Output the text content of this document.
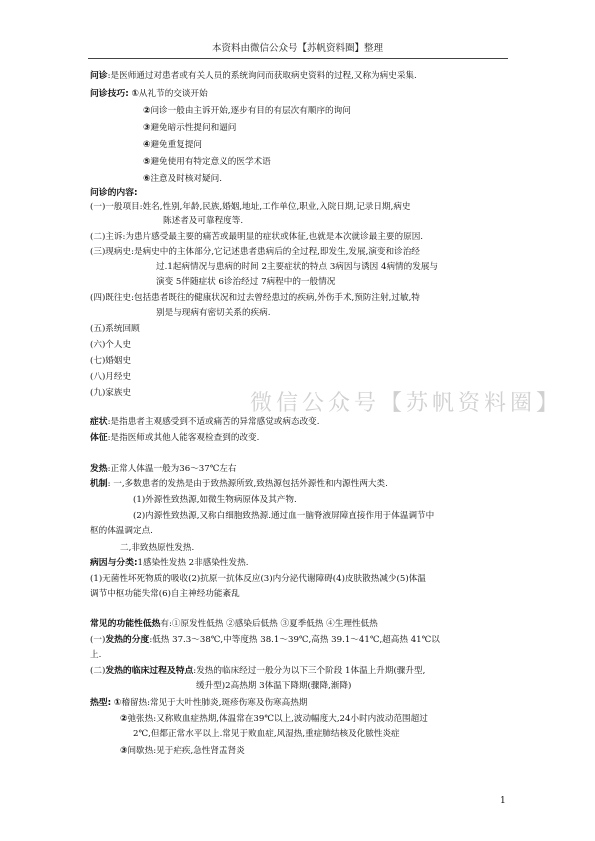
本资料由微信公众号【苏帆资料圈】整理
微信公众号【苏帆资料圈】
问诊:是医师通过对患者或有关人员的系统询问而获取病史资料的过程,又称为病史采集.
问诊技巧: ①从礼节的交谈开始
②问诊一般由主诉开始,逐步有目的有层次有顺序的询问
③避免暗示性提问和逼问
④避免重复提问
⑤避免使用有特定意义的医学术语
⑥注意及时核对疑问.
问诊的内容:
(一)一般项目:姓名,性别,年龄,民族,婚姻,地址,工作单位,职业,入院日期,记录日期,病史
陈述者及可靠程度等.
(二)主诉:为患片感受最主要的痛苦或最明显的症状或体征,也就是本次就诊最主要的原因.
(三)现病史:是病史中的主体部分,它记述患者患病后的全过程,即发生,发展,演变和诊治经
过.1起病情况与患病的时间 2主要症状的特点 3病因与诱因 4病情的发展与
演变 5伴随症状 6诊治经过 7病程中的一般情况
(四)既往史:包括患者既往的健康状况和过去曾经患过的疾病,外伤手术,预防注射,过敏,特
别是与现病有密切关系的疾病.
(五)系统回顾
(六)个人史
(七)婚姻史
(八)月经史
(九)家族史
症状:是指患者主观感受到不适或痛苦的异常感觉或病态改变.
体征:是指医师或其他人能客观检查到的改变.
发热:正常人体温一般为36～37℃左右
机制: 一,多数患者的发热是由于致热源所致,致热源包括外源性和内源性两大类.
(1)外源性致热源,如微生物病原体及其产物.
(2)内源性致热源,又称白细胞致热源.通过血一脑脊液屏障直接作用于体温调节中
枢的体温调定点.
二,非致热原性发热.
病因与分类:1感染性发热 2非感染性发热.
(1)无菌性坏死物质的吸收(2)抗原一抗体反应(3)内分泌代谢障碍(4)皮肤散热减少(5)体温
调节中枢功能失常(6)自主神经功能紊乱
常见的功能性低热有:①原发性低热 ②感染后低热 ③夏季低热 ④生理性低热
(一)发热的分度:低热 37.3～38℃,中等度热 38.1～39℃,高热 39.1～41℃,超高热 41℃以
上.
(二)发热的临床过程及特点:发热的临床经过一般分为以下三个阶段 1体温上升期(骤升型,
缓升型)2高热期 3体温下降期(骤降,渐降)
热型: ①稽留热:常见于大叶性肺炎,斑疹伤寒及伤寒高热期
②弛张热:又称败血症热期,体温常在39℃以上,波动幅度大,24小时内波动范围超过
2℃,但都正常水平以上.常见于败血症,风湿热,重症肺结核及化脓性炎症
③间歇热:见于疟疾,急性肾盂肾炎
1
